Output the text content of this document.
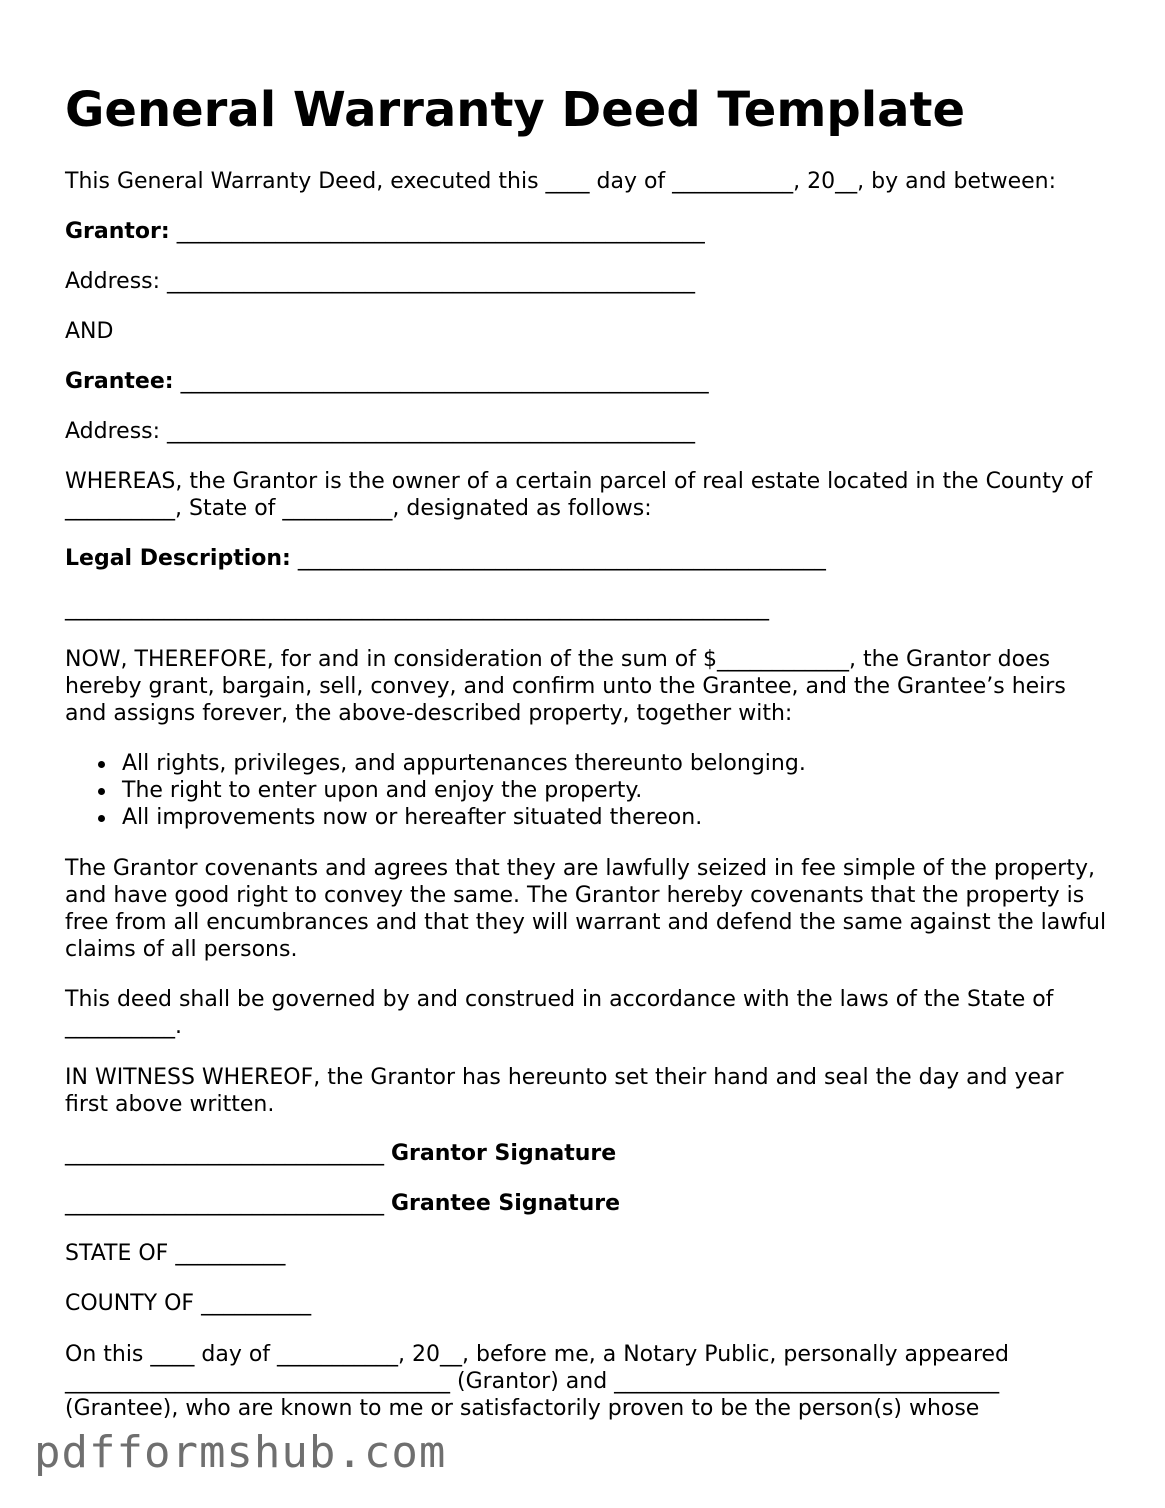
General Warranty Deed Template

This General Warranty Deed, executed this ____ day of ___________, 20__, by and between:

Grantor: ________________________________________________

Address: ________________________________________________

AND

Grantee: ________________________________________________

Address: ________________________________________________

WHEREAS, the Grantor is the owner of a certain parcel of real estate located in the County of __________, State of __________, designated as follows:

Legal Description: ________________________________________________

________________________________________________________________

NOW, THEREFORE, for and in consideration of the sum of $____________, the Grantor does hereby grant, bargain, sell, convey, and confirm unto the Grantee, and the Grantee’s heirs and assigns forever, the above-described property, together with:

All rights, privileges, and appurtenances thereunto belonging.
The right to enter upon and enjoy the property.
All improvements now or hereafter situated thereon.

The Grantor covenants and agrees that they are lawfully seized in fee simple of the property, and have good right to convey the same. The Grantor hereby covenants that the property is free from all encumbrances and that they will warrant and defend the same against the lawful claims of all persons.

This deed shall be governed by and construed in accordance with the laws of the State of __________.

IN WITNESS WHEREOF, the Grantor has hereunto set their hand and seal the day and year first above written.

_____________________________ Grantor Signature

_____________________________ Grantee Signature

STATE OF __________

COUNTY OF __________

On this ____ day of ___________, 20__, before me, a Notary Public, personally appeared ___________________________________ (Grantor) and ___________________________________ (Grantee), who are known to me or satisfactorily proven to be the person(s) whose

pdfformshub.com
